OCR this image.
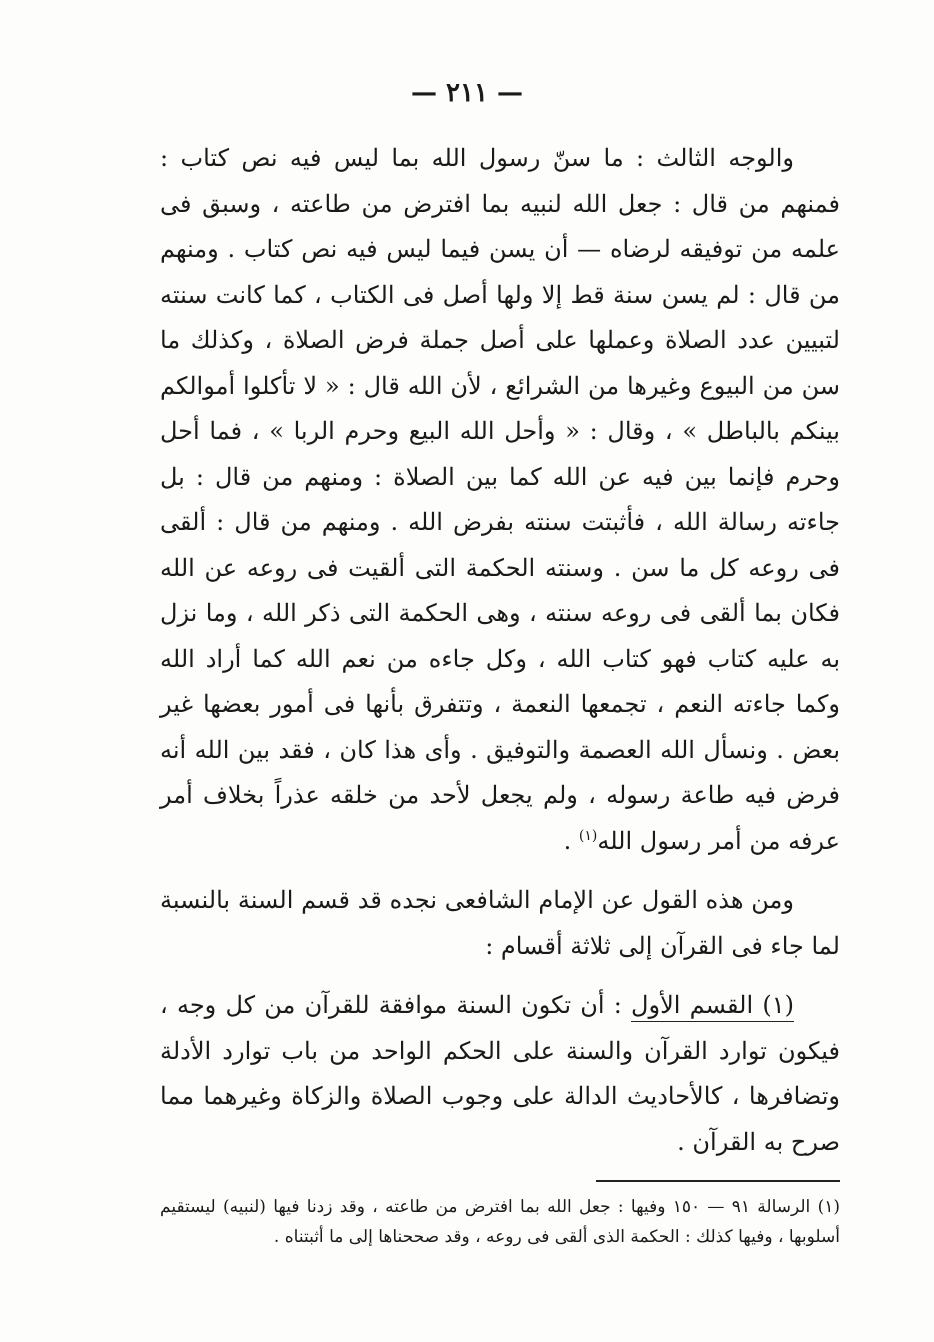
— ٢١١ —

والوجه الثالث : ما سنّ رسول الله بما ليس فيه نص كتاب : فمنهم من قال : جعل الله لنبيه بما افترض من طاعته ، وسبق فى علمه من توفيقه لرضاه — أن يسن فيما ليس فيه نص كتاب . ومنهم من قال : لم يسن سنة قط إلا ولها أصل فى الكتاب ، كما كانت سنته لتبيين عدد الصلاة وعملها على أصل جملة فرض الصلاة ، وكذلك ما سن من البيوع وغيرها من الشرائع ، لأن الله قال : « لا تأكلوا أموالكم بينكم بالباطل » ، وقال : « وأحل الله البيع وحرم الربا » ، فما أحل وحرم فإنما بين فيه عن الله كما بين الصلاة : ومنهم من قال : بل جاءته رسالة الله ، فأثبتت سنته بفرض الله . ومنهم من قال : ألقى فى روعه كل ما سن . وسنته الحكمة التى ألقيت فى روعه عن الله فكان بما ألقى فى روعه سنته ، وهى الحكمة التى ذكر الله ، وما نزل به عليه كتاب فهو كتاب الله ، وكل جاءه من نعم الله كما أراد الله وكما جاءته النعم ، تجمعها النعمة ، وتتفرق بأنها فى أمور بعضها غير بعض . ونسأل الله العصمة والتوفيق . وأى هذا كان ، فقد بين الله أنه فرض فيه طاعة رسوله ، ولم يجعل لأحد من خلقه عذراً بخلاف أمر عرفه من أمر رسول الله$^{(١)}$ .

ومن هذه القول عن الإمام الشافعى نجده قد قسم السنة بالنسبة لما جاء فى القرآن إلى ثلاثة أقسام :

(١) القسم الأول : أن تكون السنة موافقة للقرآن من كل وجه ، فيكون توارد القرآن والسنة على الحكم الواحد من باب توارد الأدلة وتضافرها ، كالأحاديث الدالة على وجوب الصلاة والزكاة وغيرهما مما صرح به القرآن .

(١) الرسالة ٩١ — ١٥٠ وفيها : جعل الله بما افترض من طاعته ، وقد زدنا فيها (لنبيه) ليستقيم أسلوبها ، وفيها كذلك : الحكمة الذى ألقى فى روعه ، وقد صححناها إلى ما أثبتناه .
